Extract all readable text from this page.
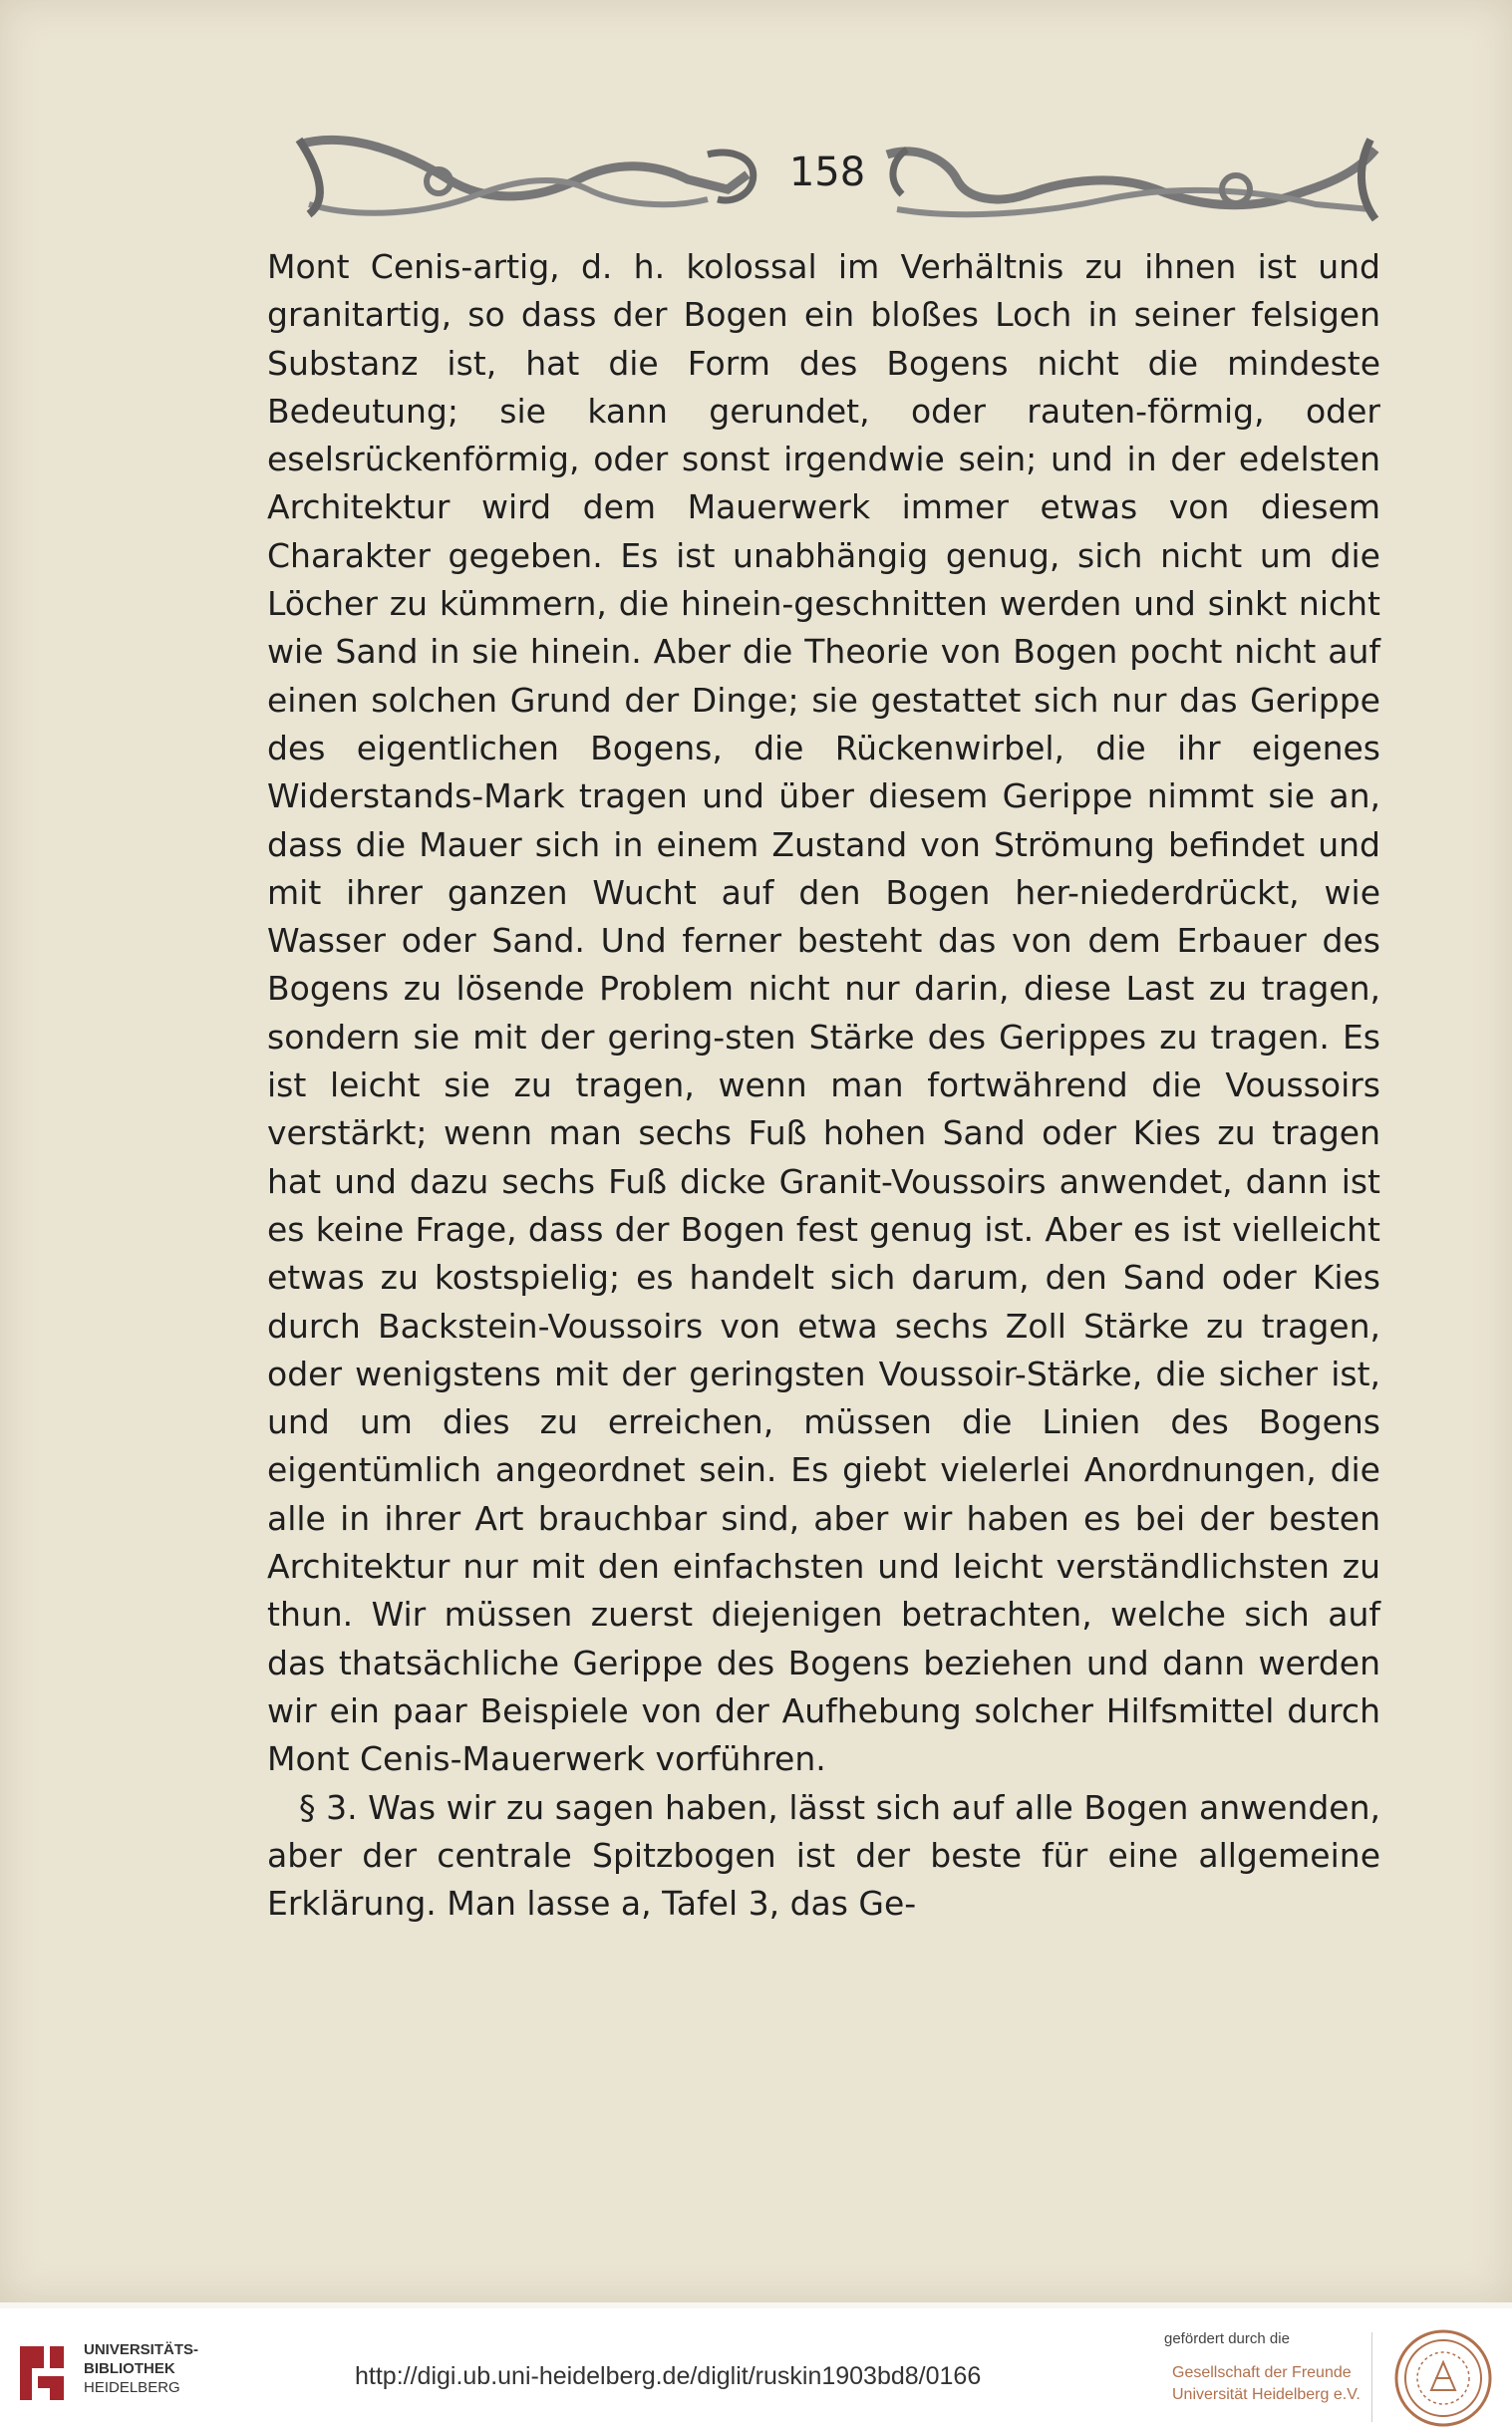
158

Mont Cenis-artig, d. h. kolossal im Verhältnis zu ihnen ist und granitartig, so dass der Bogen ein bloßes Loch in seiner felsigen Substanz ist, hat die Form des Bogens nicht die mindeste Bedeutung; sie kann gerundet, oder rauten-förmig, oder eselsrückenförmig, oder sonst irgendwie sein; und in der edelsten Architektur wird dem Mauerwerk immer etwas von diesem Charakter gegeben. Es ist unabhängig genug, sich nicht um die Löcher zu kümmern, die hinein-geschnitten werden und sinkt nicht wie Sand in sie hinein. Aber die Theorie von Bogen pocht nicht auf einen solchen Grund der Dinge; sie gestattet sich nur das Gerippe des eigentlichen Bogens, die Rückenwirbel, die ihr eigenes Widerstands-Mark tragen und über diesem Gerippe nimmt sie an, dass die Mauer sich in einem Zustand von Strömung befindet und mit ihrer ganzen Wucht auf den Bogen her-niederdrückt, wie Wasser oder Sand. Und ferner besteht das von dem Erbauer des Bogens zu lösende Problem nicht nur darin, diese Last zu tragen, sondern sie mit der gering-sten Stärke des Gerippes zu tragen. Es ist leicht sie zu tragen, wenn man fortwährend die Voussoirs verstärkt; wenn man sechs Fuß hohen Sand oder Kies zu tragen hat und dazu sechs Fuß dicke Granit-Voussoirs anwendet, dann ist es keine Frage, dass der Bogen fest genug ist. Aber es ist vielleicht etwas zu kostspielig; es handelt sich darum, den Sand oder Kies durch Backstein-Voussoirs von etwa sechs Zoll Stärke zu tragen, oder wenigstens mit der geringsten Voussoir-Stärke, die sicher ist, und um dies zu erreichen, müssen die Linien des Bogens eigentümlich angeordnet sein. Es giebt vielerlei Anordnungen, die alle in ihrer Art brauchbar sind, aber wir haben es bei der besten Architektur nur mit den einfachsten und leicht verständlichsten zu thun. Wir müssen zuerst diejenigen betrachten, welche sich auf das thatsächliche Gerippe des Bogens beziehen und dann werden wir ein paar Beispiele von der Aufhebung solcher Hilfsmittel durch Mont Cenis-Mauerwerk vorführen.

§ 3. Was wir zu sagen haben, lässt sich auf alle Bogen anwenden, aber der centrale Spitzbogen ist der beste für eine allgemeine Erklärung. Man lasse a, Tafel 3, das Ge-

UNIVERSITÄTS-
BIBLIOTHEK
HEIDELBERG	http://digi.ub.uni-heidelberg.de/diglit/ruskin1903bd8/0166
gefördert durch die
Gesellschaft der Freunde
Universität Heidelberg e.V.
